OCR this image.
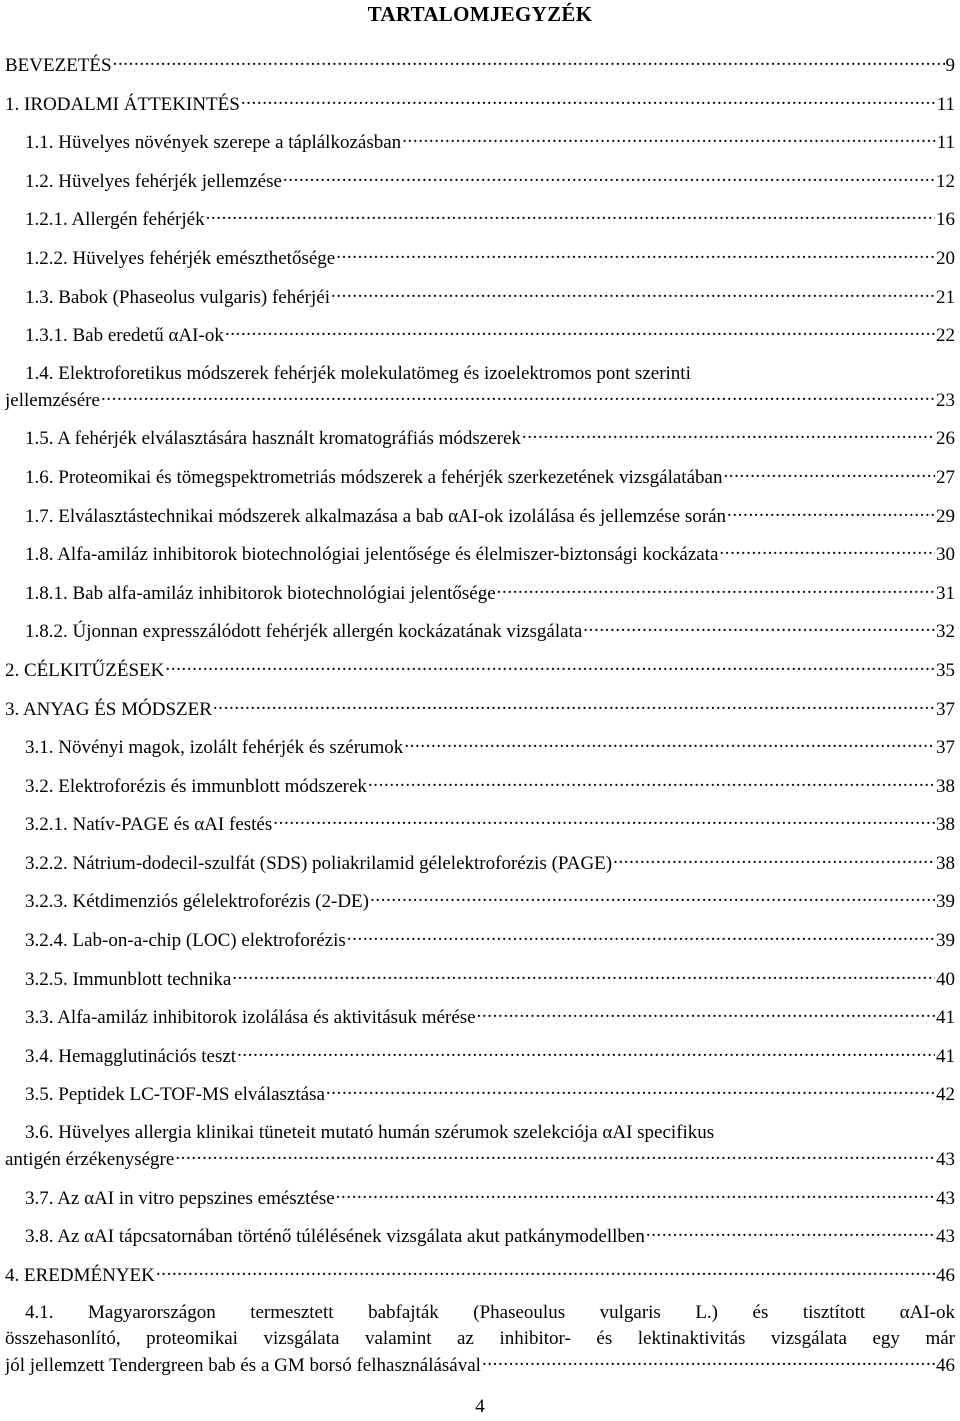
TARTALOMJEGYZÉK
BEVEZETÉS .....	9
1. IRODALMI ÁTTEKINTÉS .....	11
1.1. Hüvelyes növények szerepe a táplálkozásban .....	11
1.2. Hüvelyes fehérjék jellemzése .....	12
1.2.1. Allergén fehérjék .....	16
1.2.2. Hüvelyes fehérjék emészthetősége .....	20
1.3. Babok (Phaseolus vulgaris) fehérjéi .....	21
1.3.1. Bab eredetű αAI-ok .....	22
1.4. Elektroforetikus módszerek fehérjék molekulatömeg és izoelektromos pont szerinti
jellemzésére .....	23
1.5. A fehérjék elválasztására használt kromatográfiás módszerek .....	26
1.6. Proteomikai és tömegspektrometriás módszerek a fehérjék szerkezetének vizsgálatában .....	27
1.7. Elválasztástechnikai módszerek alkalmazása a bab αAI-ok izolálása és jellemzése során .....	29
1.8. Alfa-amiláz inhibitorok biotechnológiai jelentősége és élelmiszer-biztonsági kockázata .....	30
1.8.1. Bab alfa-amiláz inhibitorok biotechnológiai jelentősége .....	31
1.8.2. Újonnan expresszálódott fehérjék allergén kockázatának vizsgálata .....	32
2. CÉLKITŰZÉSEK .....	35
3. ANYAG ÉS MÓDSZER .....	37
3.1. Növényi magok, izolált fehérjék és szérumok .....	37
3.2. Elektroforézis és immunblott módszerek .....	38
3.2.1. Natív-PAGE és αAI festés .....	38
3.2.2. Nátrium-dodecil-szulfát (SDS) poliakrilamid gélelektroforézis (PAGE) .....	38
3.2.3. Kétdimenziós gélelektroforézis (2-DE) .....	39
3.2.4. Lab-on-a-chip (LOC) elektroforézis .....	39
3.2.5. Immunblott technika .....	40
3.3. Alfa-amiláz inhibitorok izolálása és aktivitásuk mérése .....	41
3.4. Hemagglutinációs teszt .....	41
3.5. Peptidek LC-TOF-MS elválasztása .....	42
3.6. Hüvelyes allergia klinikai tüneteit mutató humán szérumok szelekciója αAI specifikus
antigén érzékenységre .....	43
3.7. Az αAI in vitro pepszines emésztése .....	43
3.8. Az αAI tápcsatornában történő túlélésének vizsgálata akut patkánymodellben .....	43
4. EREDMÉNYEK .....	46
4.1. Magyarországon termesztett babfajták (Phaseoulus vulgaris L.) és tisztított αAI-ok
összehasonlító, proteomikai vizsgálata valamint az inhibitor- és lektinaktivitás vizsgálata egy már
jól jellemzett Tendergreen bab és a GM borsó felhasználásával .....	46
4
